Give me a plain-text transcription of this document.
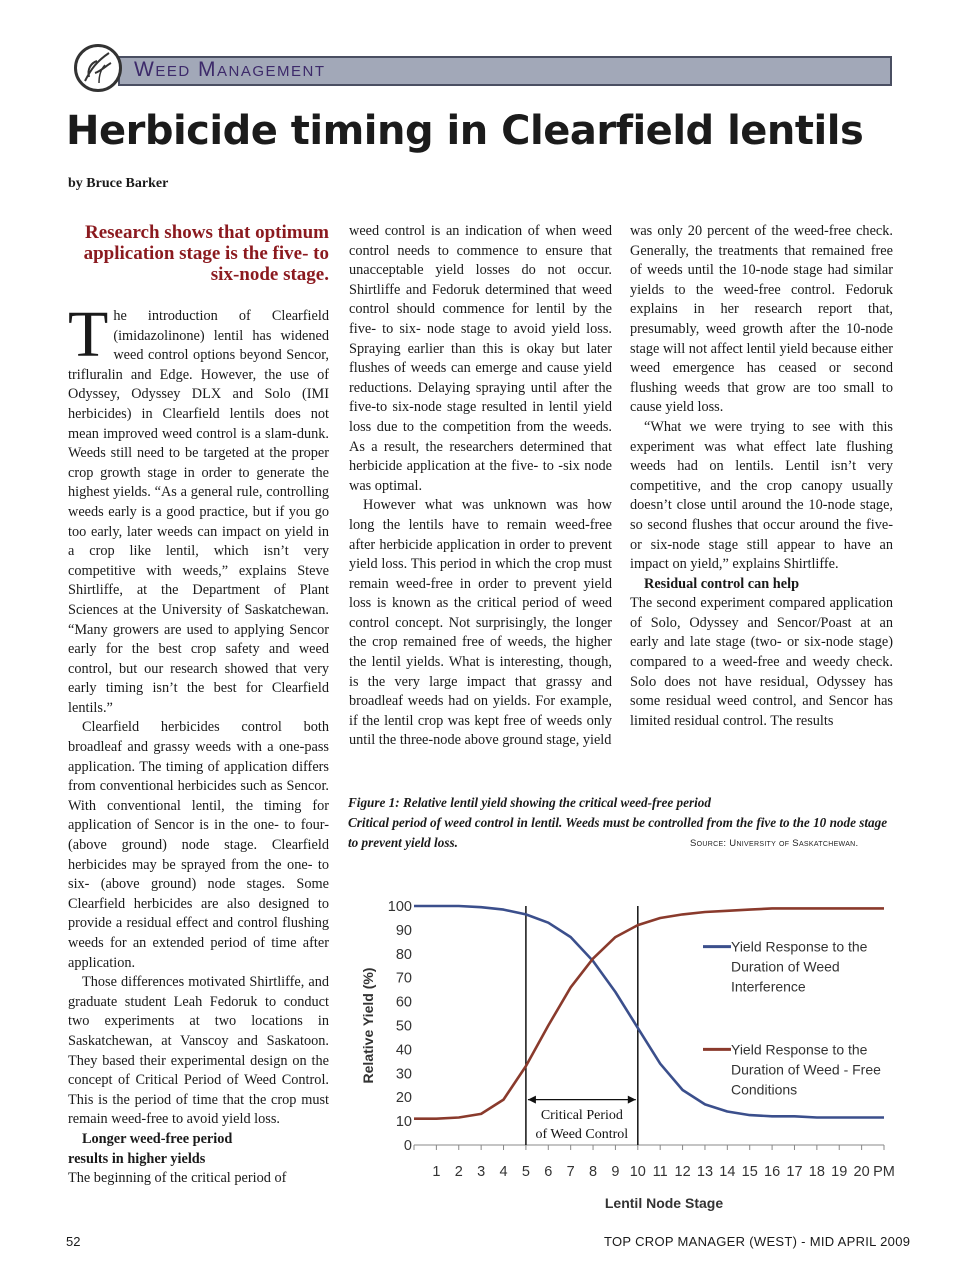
Weed Management
Herbicide timing in Clearfield lentils
by Bruce Barker
Research shows that optimum application stage is the five- to six-node stage.

The introduction of Clearfield (imidazolinone) lentil has widened weed control options beyond Sencor, trifluralin and Edge. However, the use of Odyssey, Odyssey DLX and Solo (IMI herbicides) in Clearfield lentils does not mean improved weed control is a slam-dunk. Weeds still need to be targeted at the proper crop growth stage in order to generate the highest yields. “As a general rule, controlling weeds early is a good practice, but if you go too early, later weeds can impact on yield in a crop like lentil, which isn’t very competitive with weeds,” explains Steve Shirtliffe, at the Department of Plant Sciences at the University of Saskatchewan. “Many growers are used to applying Sencor early for the best crop safety and weed control, but our research showed that very early timing isn’t the best for Clearfield lentils.”

Clearfield herbicides control both broadleaf and grassy weeds with a one-pass application. The timing of application differs from conventional herbicides such as Sencor. With conventional lentil, the timing for application of Sencor is in the one- to four- (above ground) node stage. Clearfield herbicides may be sprayed from the one- to six- (above ground) node stages. Some Clearfield herbicides are also designed to provide a residual effect and control flushing weeds for an extended period of time after application.

Those differences motivated Shirtliffe, and graduate student Leah Fedoruk to conduct two experiments at two locations in Saskatchewan, at Vanscoy and Saskatoon. They based their experimental design on the concept of Critical Period of Weed Control. This is the period of time that the crop must remain weed-free to avoid yield loss.

Longer weed-free period results in higher yields

The beginning of the critical period of

weed control is an indication of when weed control needs to commence to ensure that unacceptable yield losses do not occur. Shirtliffe and Fedoruk determined that weed control should commence for lentil by the five- to six- node stage to avoid yield loss. Spraying earlier than this is okay but later flushes of weeds can emerge and cause yield reductions. Delaying spraying until after the five-to six-node stage resulted in lentil yield loss due to the competition from the weeds. As a result, the researchers determined that herbicide application at the five- to -six node was optimal.

However what was unknown was how long the lentils have to remain weed-free after herbicide application in order to prevent yield loss. This period in which the crop must remain weed-free in order to prevent yield loss is known as the critical period of weed control concept. Not surprisingly, the longer the crop remained free of weeds, the higher the lentil yields. What is interesting, though, is the very large impact that grassy and broadleaf weeds had on yields. For example, if the lentil crop was kept free of weeds only until the three-node above ground stage, yield

was only 20 percent of the weed-free check. Generally, the treatments that remained free of weeds until the 10-node stage had similar yields to the weed-free control. Fedoruk explains in her research report that, presumably, weed growth after the 10-node stage will not affect lentil yield because either weed emergence has ceased or second flushing weeds that grow are too small to cause yield loss.

“What we were trying to see with this experiment was what effect late flushing weeds had on lentils. Lentil isn’t very competitive, and the crop canopy usually doesn’t close until around the 10-node stage, so second flushes that occur around the five- or six-node stage still appear to have an impact on yield,” explains Shirtliffe.

Residual control can help

The second experiment compared application of Solo, Odyssey and Sencor/Poast at an early and late stage (two- or six-node stage) compared to a weed-free and weedy check. Solo does not have residual, Odyssey has some residual weed control, and Sencor has limited residual control. The results

Figure 1: Relative lentil yield showing the critical weed-free period
Critical period of weed control in lentil. Weeds must be controlled from the five to the 10 node stage to prevent yield loss.	Source: University of Saskatchewan.
0
10
20
30
40
50
60
70
80
90
100
1 2 3 4 5 6 7 8 9 10 11 12 13 14 15 16 17 18 19 20 PM
Relative Yield (%)
Lentil Node Stage
Critical Period
of Weed Control
Yield Response to the Duration of Weed Interference
Yield Response to the Duration of Weed - Free Conditions
52	TOP CROP MANAGER (WEST) - MID APRIL 2009
